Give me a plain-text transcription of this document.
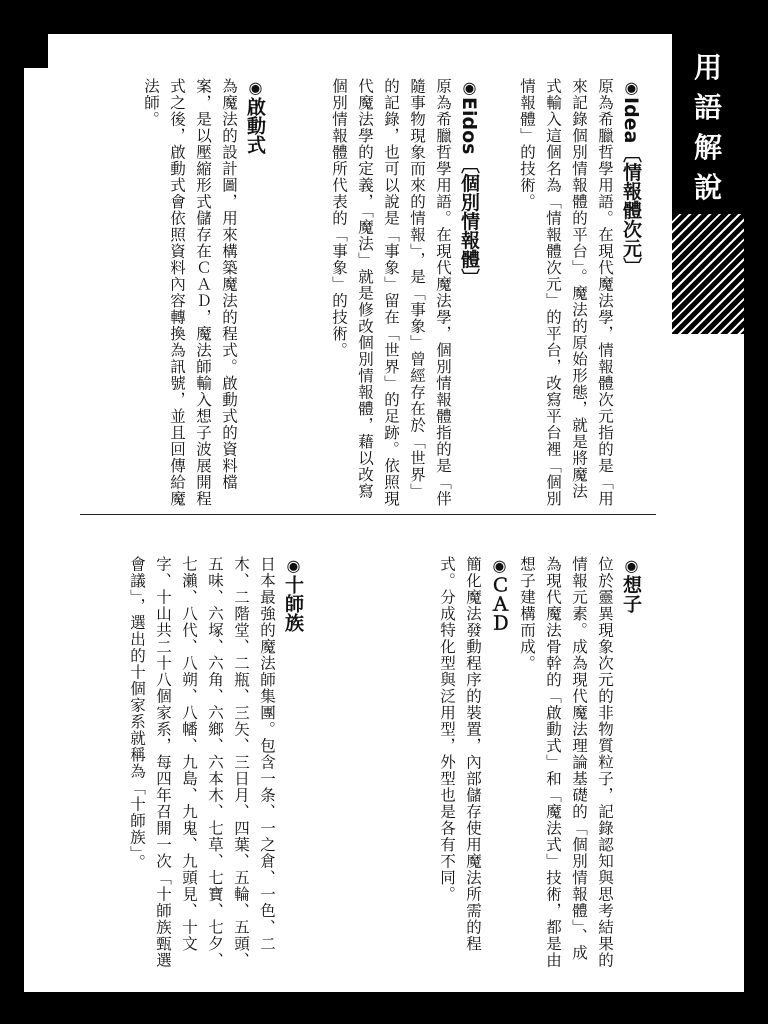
用
語
解
說
◉Idea〔情報體次元〕

原為希臘哲學用語。在現代魔法學，情報體次元指的是「用來記錄個別情報體的平台」。魔法的原始形態，就是將魔法式輸入這個名為「情報體次元」的平台，改寫平台裡「個別情報體」的技術。

◉Eidos〔個別情報體〕

原為希臘哲學用語。在現代魔法學，個別情報體指的是「伴隨事物現象而來的情報」，是「事象」曾經存在於「世界」的記錄，也可以說是「事象」留在「世界」的足跡。依照現代魔法學的定義，「魔法」就是修改個別情報體，藉以改寫個別情報體所代表的「事象」的技術。

◉啟動式

為魔法的設計圖，用來構築魔法的程式。啟動式的資料檔案，是以壓縮形式儲存在ＣＡＤ，魔法師輸入想子波展開程式之後，啟動式會依照資料內容轉換為訊號，並且回傳給魔法師。

◉想子

位於靈異現象次元的非物質粒子，記錄認知與思考結果的情報元素。成為現代魔法理論基礎的「個別情報體」、成為現代魔法骨幹的「啟動式」和「魔法式」技術，都是由想子建構而成。

◉ＣＡＤ

簡化魔法發動程序的裝置，內部儲存使用魔法所需的程式。分成特化型與泛用型，外型也是各有不同。

◉十師族

日本最強的魔法師集團。包含一条、一之倉、一色、二木、二階堂、二瓶、三矢、三日月、四葉、五輪、五頭、五味、六塚、六角、六鄉、六本木、七草、七寶、七夕、七瀨、八代、八朔、八幡、九島、九鬼、九頭見、十文字、十山共二十八個家系，每四年召開一次「十師族甄選會議」，選出的十個家系就稱為「十師族」。
